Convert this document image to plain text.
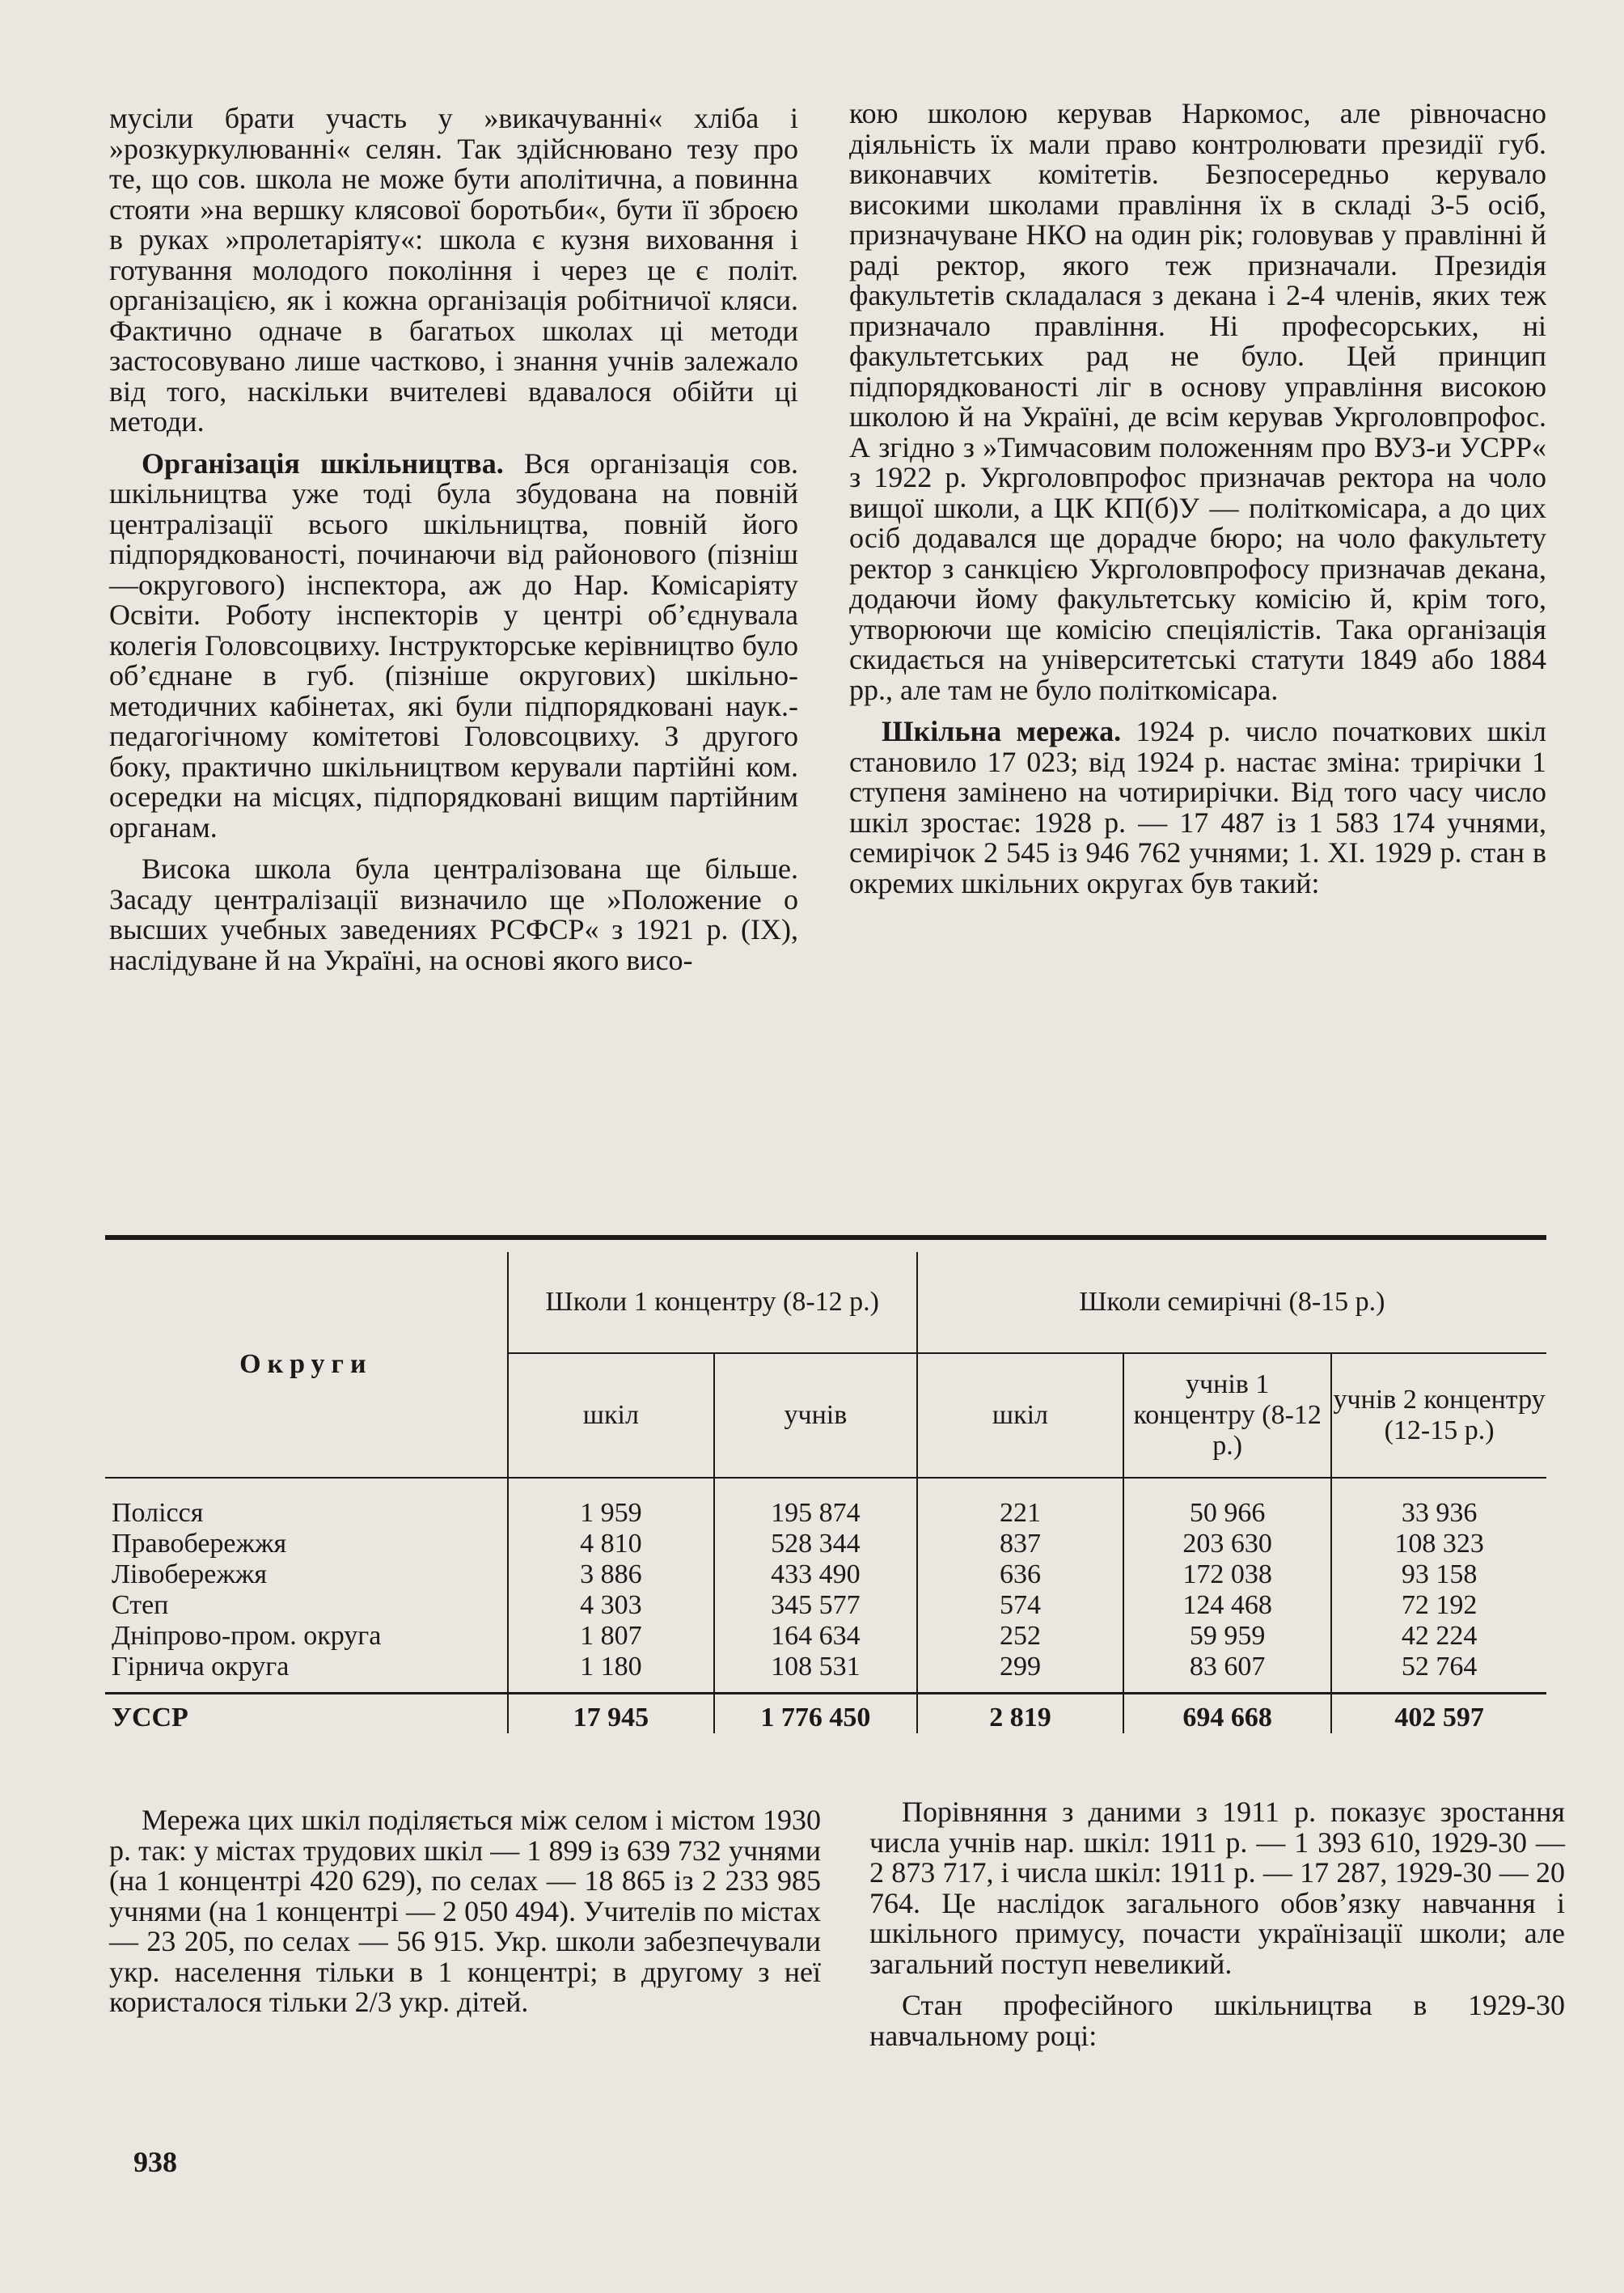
мусіли брати участь у »викачуванні« хліба і »розкуркулюванні« селян. Так здійснювано тезу про те, що сов. школа не може бути аполітична, а повинна стояти »на вершку клясової боротьби«, бути її зброєю в руках »пролетаріяту«: школа є кузня виховання і готування молодого покоління і через це є політ. організацією, як і кожна організація робітничої кляси. Фактично одначе в багатьох школах ці методи застосовувано лише частково, і знання учнів залежало від того, наскільки вчителеві вдавалося обійти ці методи.

Організація шкільництва. Вся організація сов. шкільництва уже тоді була збудована на повній централізації всього шкільництва, повній його підпорядкованості, починаючи від районового (пізніш —округового) інспектора, аж до Нар. Комісаріяту Освіти. Роботу інспекторів у центрі об’єднувала колегія Головсоцвиху. Інструкторське керівництво було об’єднане в губ. (пізніше округових) шкільно-методичних кабінетах, які були підпорядковані наук.-педагогічному комітетові Головсоцвиху. З другого боку, практично шкільництвом керували партійні ком. осередки на місцях, підпорядковані вищим партійним органам.

Висока школа була централізована ще більше. Засаду централізації визначило ще »Положение о высших учебных заведениях РСФСР« з 1921 р. (IX), наслідуване й на Україні, на основі якого висо-

кою школою керував Наркомос, але рівночасно діяльність їх мали право контролювати президії губ. виконавчих комітетів. Безпосередньо керувало високими школами правління їх в складі 3-5 осіб, призначуване НКО на один рік; головував у правлінні й раді ректор, якого теж призначали. Президія факультетів складалася з декана і 2-4 членів, яких теж призначало правління. Ні професорських, ні факультетських рад не було. Цей принцип підпорядкованості ліг в основу управління високою школою й на Україні, де всім керував Укрголовпрофос. А згідно з »Тимчасовим положенням про ВУЗ-и УСРР« з 1922 р. Укрголовпрофос призначав ректора на чоло вищої школи, а ЦК КП(б)У — політкомісара, а до цих осіб додавался ще дорадче бюро; на чоло факультету ректор з санкцією Укрголовпрофосу призначав декана, додаючи йому факультетську комісію й, крім того, утворюючи ще комісію спеціялістів. Така організація скидається на університетські статути 1849 або 1884 рр., але там не було політкомісара.

Шкільна мережа. 1924 р. число початкових шкіл становило 17 023; від 1924 р. настає зміна: трирічки 1 ступеня замінено на чотирирічки. Від того часу число шкіл зростає: 1928 р. — 17 487 із 1 583 174 учнями, семирічок 2 545 із 946 762 учнями; 1. XI. 1929 р. стан в окремих шкільних округах був такий:

Округи	Школи 1 концентру (8-12 р.)		Школи семирічні (8-15 р.)		
	шкіл	учнів	шкіл	учнів 1 концентру (8-12 р.)	учнів 2 концентру (12-15 р.)
Полісся	1 959	195 874	221	50 966	33 936
Правобережжя	4 810	528 344	837	203 630	108 323
Лівобережжя	3 886	433 490	636	172 038	93 158
Степ	4 303	345 577	574	124 468	72 192
Дніпрово-пром. округа	1 807	164 634	252	59 959	42 224
Гірнича округа	1 180	108 531	299	83 607	52 764
УССР	17 945	1 776 450	2 819	694 668	402 597

Мережа цих шкіл поділяється між селом і містом 1930 р. так: у містах трудових шкіл — 1 899 із 639 732 учнями (на 1 концентрі 420 629), по селах — 18 865 із 2 233 985 учнями (на 1 концентрі — 2 050 494). Учителів по містах — 23 205, по селах — 56 915. Укр. школи забезпечували укр. населення тільки в 1 концентрі; в другому з неї користалося тільки 2/3 укр. дітей.

Порівняння з даними з 1911 р. показує зростання числа учнів нар. шкіл: 1911 р. — 1 393 610, 1929-30 — 2 873 717, і числа шкіл: 1911 р. — 17 287, 1929-30 — 20 764. Це наслідок загального обов’язку навчання і шкільного примусу, почасти українізації школи; але загальний поступ невеликий.

Стан професійного шкільництва в 1929-30 навчальному році:

938
